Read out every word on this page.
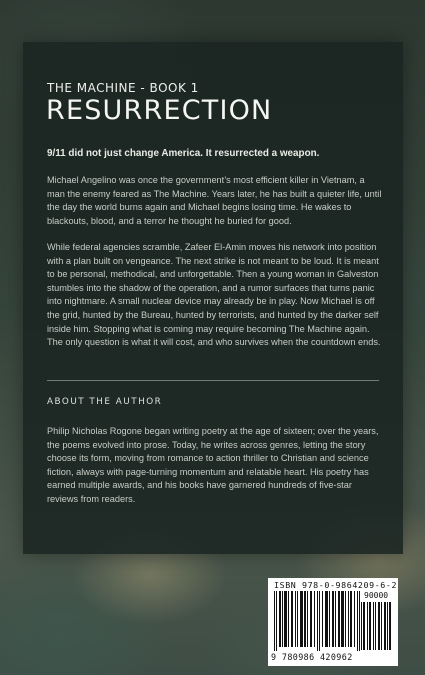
THE MACHINE - BOOK 1
RESURRECTION
9/11 did not just change America. It resurrected a weapon.

Michael Angelino was once the government’s most efficient killer in Vietnam, a man the enemy feared as The Machine. Years later, he has built a quieter life, until the day the world burns again and Michael begins losing time. He wakes to blackouts, blood, and a terror he thought he buried for good.

While federal agencies scramble, Zafeer El-Amin moves his network into position with a plan built on vengeance. The next strike is not meant to be loud. It is meant to be personal, methodical, and unforgettable. Then a young woman in Galveston stumbles into the shadow of the operation, and a rumor surfaces that turns panic into nightmare. A small nuclear device may already be in play. Now Michael is off the grid, hunted by the Bureau, hunted by terrorists, and hunted by the darker self inside him. Stopping what is coming may require becoming The Machine again. The only question is what it will cost, and who survives when the countdown ends.

ABOUT THE AUTHOR

Philip Nicholas Rogone began writing poetry at the age of sixteen; over the years, the poems evolved into prose. Today, he writes across genres, letting the story choose its form, moving from romance to action thriller to Christian and science fiction, always with page-turning momentum and relatable heart. His poetry has earned multiple awards, and his books have garnered hundreds of five-star reviews from readers.

ISBN 978-0-9864209-6-2
90000
9 780986 420962
